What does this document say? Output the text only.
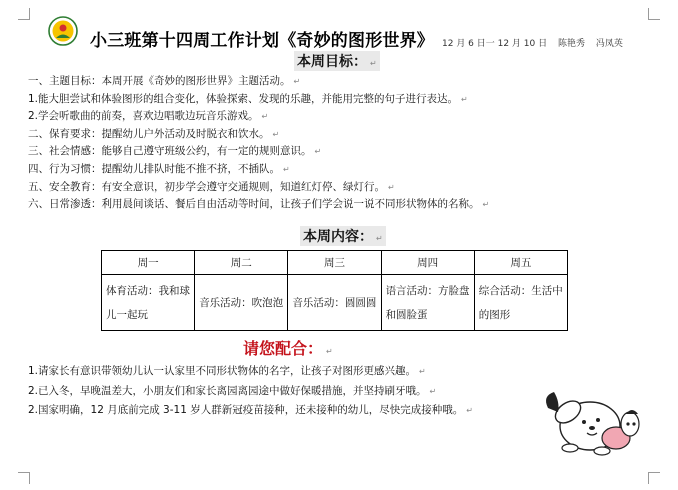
小三班第十四周工作计划《奇妙的图形世界》 12 月 6 日一 12 月 10 日 陈艳秀 冯凤英
本周目标： ↵
一、主题目标：本周开展《奇妙的图形世界》主题活动。 ↵
1.能大胆尝试和体验图形的组合变化，体验探索、发现的乐趣，并能用完整的句子进行表达。 ↵
2.学会听歌曲的前奏，喜欢边唱歌边玩音乐游戏。 ↵
二、保育要求：提醒幼儿户外活动及时脱衣和饮水。 ↵
三、社会情感：能够自己遵守班级公约，有一定的规则意识。 ↵
四、行为习惯：提醒幼儿排队时能不推不挤，不插队。 ↵
五、安全教育：有安全意识，初步学会遵守交通规则，知道红灯停、绿灯行。 ↵
六、日常渗透：利用晨间谈话、餐后自由活动等时间，让孩子们学会说一说不同形状物体的名称。 ↵
本周内容： ↵
周一	周二	周三	周四	周五
体育活动：我和球儿一起玩	音乐活动：吹泡泡	音乐活动：圆圆圆	语言活动：方脸盘和圆脸蛋	综合活动：生活中的图形
请您配合： ↵
1.请家长有意识带领幼儿认一认家里不同形状物体的名字，让孩子对图形更感兴趣。 ↵
2.已入冬，早晚温差大，小朋友们和家长离园离园途中做好保暖措施，并坚持刷牙哦。 ↵
2.国家明确，12 月底前完成 3-11 岁人群新冠疫苗接种，还未接种的幼儿，尽快完成接种哦。 ↵
